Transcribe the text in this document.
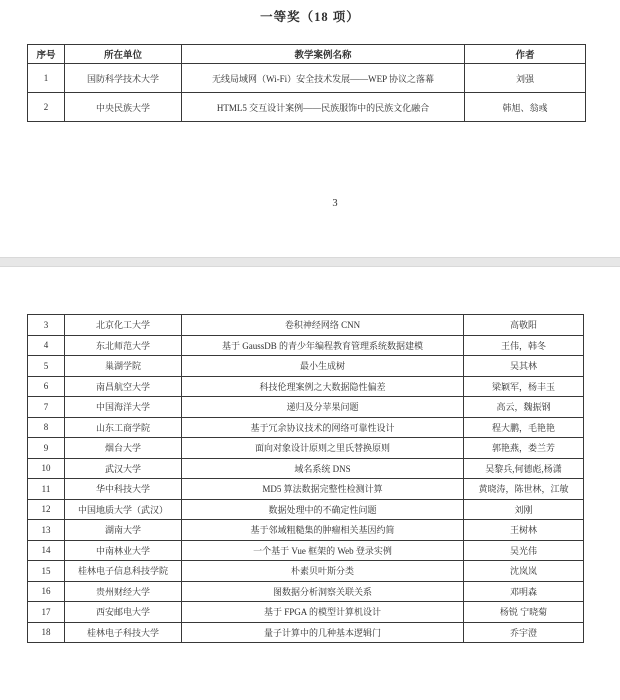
一等奖（18 项）
序号	所在单位	教学案例名称	作者
1	国防科学技术大学	无线局域网（Wi-Fi）安全技术发展——WEP 协议之落幕	刘强
2	中央民族大学	HTML5 交互设计案例——民族服饰中的民族文化融合	韩旭、翁彧
3
3	北京化工大学	卷积神经网络 CNN	高敬阳
4	东北师范大学	基于 GaussDB 的青少年编程教育管理系统数据建模	王伟，韩冬
5	巢湖学院	最小生成树	吴其林
6	南昌航空大学	科技伦理案例之大数据隐性偏差	梁颖军，杨丰玉
7	中国海洋大学	递归及分苹果问题	高云，魏振钢
8	山东工商学院	基于冗余协议技术的网络可靠性设计	程大鹏，毛艳艳
9	烟台大学	面向对象设计原则之里氏替换原则	郭艳燕，娄兰芳
10	武汉大学	域名系统 DNS	吴黎兵,何德彪,杨潇
11	华中科技大学	MD5 算法数据完整性检测计算	黄晓涛，陈世林，江敏
12	中国地质大学（武汉）	数据处理中的不确定性问题	刘刚
13	湖南大学	基于邻域粗糙集的肿瘤相关基因约简	王树林
14	中南林业大学	一个基于 Vue 框架的 Web 登录实例	吴光伟
15	桂林电子信息科技学院	朴素贝叶斯分类	沈岚岚
16	贵州财经大学	图数据分析洞察关联关系	邓明森
17	西安邮电大学	基于 FPGA 的模型计算机设计	杨锐 宁晓菊
18	桂林电子科技大学	量子计算中的几种基本逻辑门	乔宇澄
